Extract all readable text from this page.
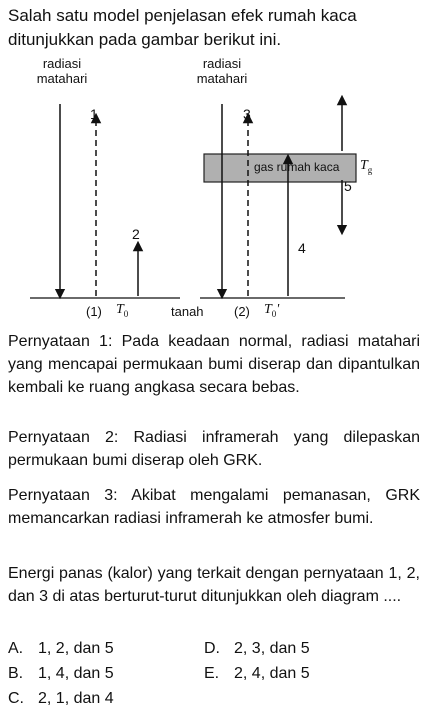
Salah satu model penjelasan efek rumah kaca ditunjukkan pada gambar berikut ini.
radiasi
matahari
radiasi
matahari
1
2
3
4
5
gas rumah kaca $T_g$
(1) $T_0$	tanah (2) $T_0'$
Pernyataan 1: Pada keadaan normal, radiasi matahari yang mencapai permukaan bumi diserap dan dipantulkan kembali ke ruang angkasa secara bebas.
Pernyataan 2: Radiasi inframerah yang dilepaskan permukaan bumi diserap oleh GRK.
Pernyataan 3: Akibat mengalami pemanasan, GRK memancarkan radiasi inframerah ke atmosfer bumi.
Energi panas (kalor) yang terkait dengan pernyataan 1, 2, dan 3 di atas berturut-turut ditunjukkan oleh diagram ....
A. 1, 2, dan 5	D. 2, 3, dan 5
B. 1, 4, dan 5	E. 2, 4, dan 5
C. 2, 1, dan 4
